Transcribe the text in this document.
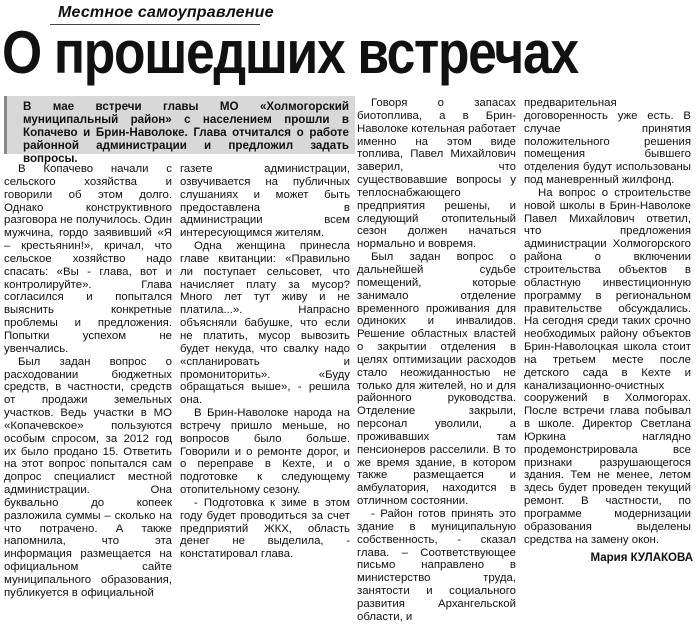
Местное самоуправление
О прошедших встречах
В мае встречи главы МО «Холмогорский муниципальный район» с населением прошли в Копачево и Брин-Наволоке. Глава отчитался о работе районной администрации и предложил задать вопросы.

В Копачево начали с сельского хозяйства и говорили об этом долго. Однако конструктивного разговора не получилось. Один мужчина, гордо заявивший «Я – крестьянин!», кричал, что сельское хозяйство надо спасать: «Вы - глава, вот и контролируйте». Глава согласился и попытался выяснить конкретные проблемы и предложения. Попытки успехом не увенчались.

Был задан вопрос о расходовании бюджетных средств, в частности, средств от продажи земельных участков. Ведь участки в МО «Копачевское» пользуются особым спросом, за 2012 год их было продано 15. Ответить на этот вопрос попытался сам допрос специалист местной администрации. Она буквально до копеек разложила суммы – сколько на что потрачено. А также напомнила, что эта информация размещается на официальном сайте муниципального образования, публикуется в официальной

газете администрации, озвучивается на публичных слушаниях и может быть предоставлена в администрации всем интересующимся жителям.

Одна женщина принесла главе квитанции: «Правильно ли поступает сельсовет, что начисляет плату за мусор? Много лет тут живу и не платила...». Напрасно объясняли бабушке, что если не платить, мусор вывозить будет некуда, что свалку надо «спланировать и промониторить». «Буду обращаться выше», - решила она.

В Брин-Наволоке народа на встречу пришло меньше, но вопросов было больше. Говорили и о ремонте дорог, и о переправе в Кехте, и о подготовке к следующему отопительному сезону.

- Подготовка к зиме в этом году будет проводиться за счет предприятий ЖКХ, область денег не выделила, - констатировал глава.

Говоря о запасах биотоплива, а в Брин-Наволоке котельная работает именно на этом виде топлива, Павел Михайлович заверил, что существовавшие вопросы у теплоснабжающего предприятия решены, и следующий отопительный сезон должен начаться нормально и вовремя.

Был задан вопрос о дальнейшей судьбе помещений, которые занимало отделение временного проживания для одиноких и инвалидов. Решение областных властей о закрытии отделения в целях оптимизации расходов стало неожиданностью не только для жителей, но и для районного руководства. Отделение закрыли, персонал уволили, а проживавших там пенсионеров расселили. В то же время здание, в котором также размещается и амбулатория, находится в отличном состоянии.

- Район готов принять это здание в муниципальную собственность, - сказал глава. – Соответствующее письмо направлено в министерство труда, занятости и социального развития Архангельской области, и

предварительная договоренность уже есть. В случае принятия положительного решения помещения бывшего отделения будут использованы под маневренный жилфонд.

На вопрос о строительстве новой школы в Брин-Наволоке Павел Михайлович ответил, что предложения администрации Холмогорского района о включении строительства объектов в областную инвестиционную программу в региональном правительстве обсуждались. На сегодня среди таких срочно необходимых району объектов Брин-Наволоцкая школа стоит на третьем месте после детского сада в Кехте и канализационно-очистных сооружений в Холмогорах. После встречи глава побывал в школе. Директор Светлана Юркина наглядно продемонстрировала все признаки разрушающегося здания. Тем не менее, летом здесь будет проведен текущий ремонт. В частности, по программе модернизации образования выделены средства на замену окон.

Мария КУЛАКОВА
